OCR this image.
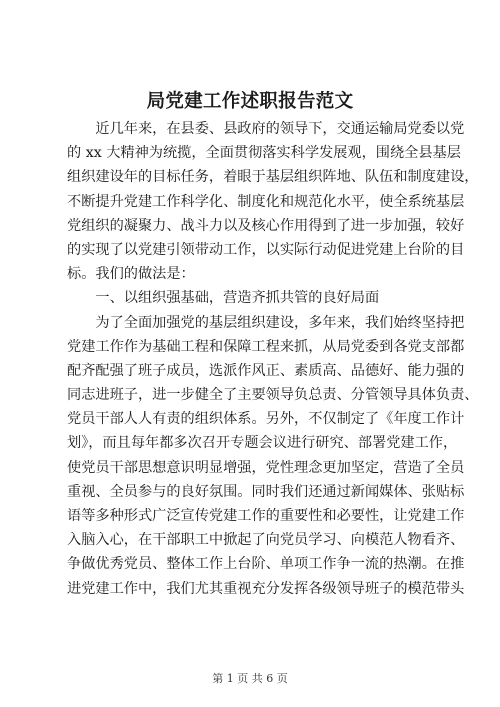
局党建工作述职报告范文
　　近几年来，在县委、县政府的领导下，交通运输局党委以党
的 xx 大精神为统揽，全面贯彻落实科学发展观，围绕全县基层
组织建设年的目标任务，着眼于基层组织阵地、队伍和制度建设，
不断提升党建工作科学化、制度化和规范化水平，使全系统基层
党组织的凝聚力、战斗力以及核心作用得到了进一步加强，较好
的实现了以党建引领带动工作，以实际行动促进党建上台阶的目
标。我们的做法是：
　　一、以组织强基础，营造齐抓共管的良好局面
　　为了全面加强党的基层组织建设，多年来，我们始终坚持把
党建工作作为基础工程和保障工程来抓，从局党委到各党支部都
配齐配强了班子成员，选派作风正、素质高、品德好、能力强的
同志进班子，进一步健全了主要领导负总责、分管领导具体负责、
党员干部人人有责的组织体系。另外，不仅制定了《年度工作计
划》，而且每年都多次召开专题会议进行研究、部署党建工作，
使党员干部思想意识明显增强，党性理念更加坚定，营造了全员
重视、全员参与的良好氛围。同时我们还通过新闻媒体、张贴标
语等多种形式广泛宣传党建工作的重要性和必要性，让党建工作
入脑入心，在干部职工中掀起了向党员学习、向模范人物看齐、
争做优秀党员、整体工作上台阶、单项工作争一流的热潮。在推
进党建工作中，我们尤其重视充分发挥各级领导班子的模范带头
第 1 页 共 6 页
